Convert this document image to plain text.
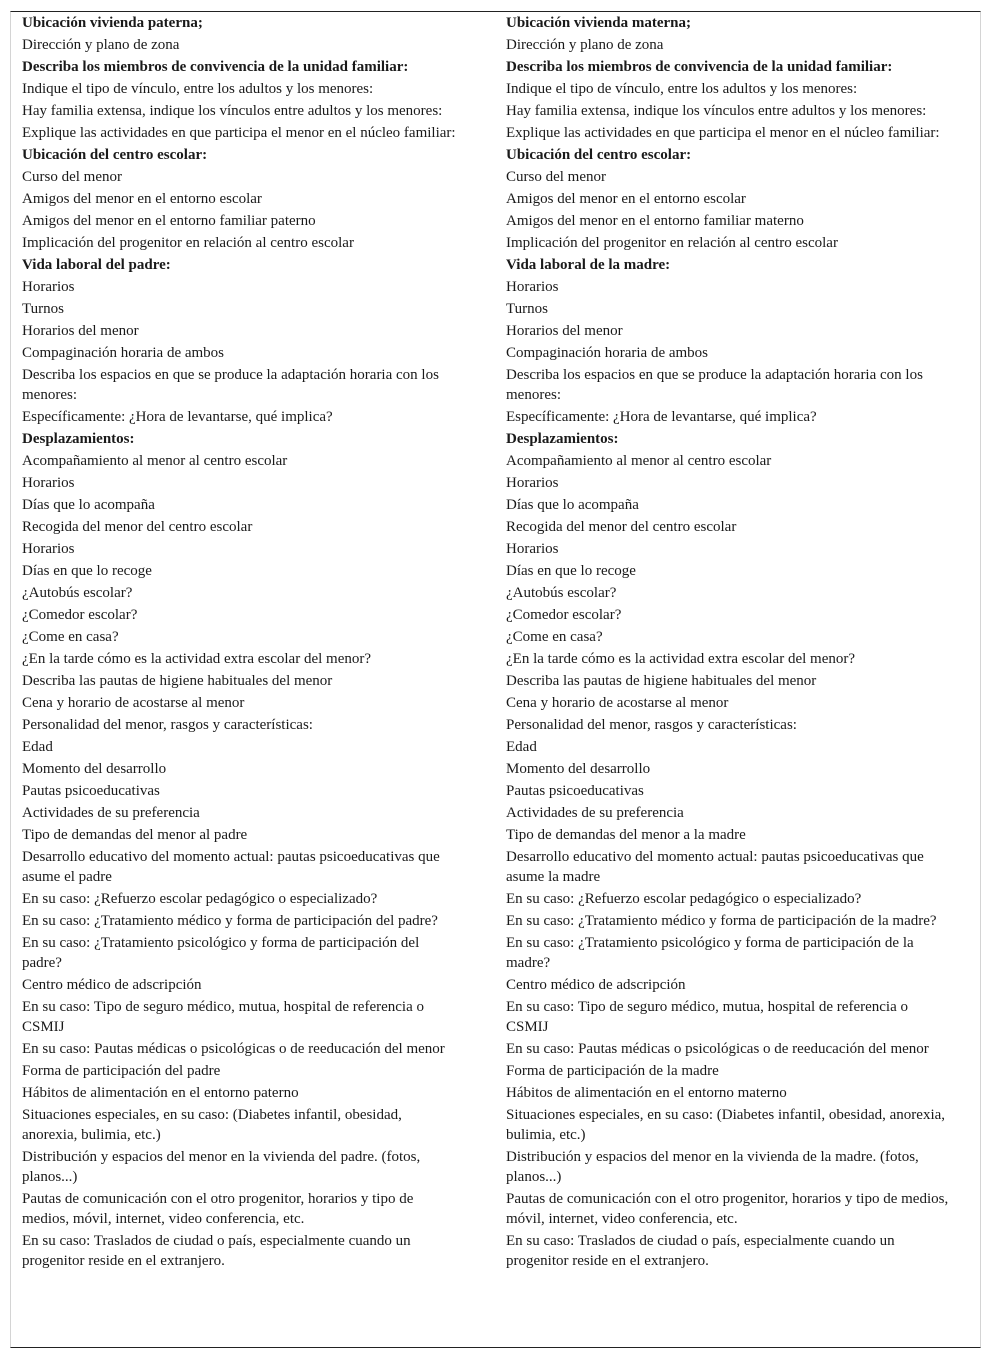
Ubicación vivienda paterna;	Ubicación vivienda materna;
Dirección y plano de zona	Dirección y plano de zona
Describa los miembros de convivencia de la unidad familiar:	Describa los miembros de convivencia de la unidad familiar:
Indique el tipo de vínculo, entre los adultos y los menores:	Indique el tipo de vínculo, entre los adultos y los menores:
Hay familia extensa, indique los vínculos entre adultos y los menores:	Hay familia extensa, indique los vínculos entre adultos y los menores:
Explique las actividades en que participa el menor en el núcleo familiar:	Explique las actividades en que participa el menor en el núcleo familiar:
Ubicación del centro escolar:	Ubicación del centro escolar:
Curso del menor	Curso del menor
Amigos del menor en el entorno escolar	Amigos del menor en el entorno escolar
Amigos del menor en el entorno familiar paterno	Amigos del menor en el entorno familiar materno
Implicación del progenitor en relación al centro escolar	Implicación del progenitor en relación al centro escolar
Vida laboral del padre:	Vida laboral de la madre:
Horarios	Horarios
Turnos	Turnos
Horarios del menor	Horarios del menor
Compaginación horaria de ambos	Compaginación horaria de ambos
Describa los espacios en que se produce la adaptación horaria con los menores:	Describa los espacios en que se produce la adaptación horaria con los menores:
Específicamente: ¿Hora de levantarse, qué implica?	Específicamente: ¿Hora de levantarse, qué implica?
Desplazamientos:	Desplazamientos:
Acompañamiento al menor al centro escolar	Acompañamiento al menor al centro escolar
Horarios	Horarios
Días que lo acompaña	Días que lo acompaña
Recogida del menor del centro escolar	Recogida del menor del centro escolar
Horarios	Horarios
Días en que lo recoge	Días en que lo recoge
¿Autobús escolar?	¿Autobús escolar?
¿Comedor escolar?	¿Comedor escolar?
¿Come en casa?	¿Come en casa?
¿En la tarde cómo es la actividad extra escolar del menor?	¿En la tarde cómo es la actividad extra escolar del menor?
Describa las pautas de higiene habituales del menor	Describa las pautas de higiene habituales del menor
Cena y horario de acostarse al menor	Cena y horario de acostarse al menor
Personalidad del menor, rasgos y características:	Personalidad del menor, rasgos y características:
Edad	Edad
Momento del desarrollo	Momento del desarrollo
Pautas psicoeducativas	Pautas psicoeducativas
Actividades de su preferencia	Actividades de su preferencia
Tipo de demandas del menor al padre	Tipo de demandas del menor a la madre
Desarrollo educativo del momento actual: pautas psicoeducativas que asume el padre	Desarrollo educativo del momento actual: pautas psicoeducativas que asume la madre
En su caso: ¿Refuerzo escolar pedagógico o especializado?	En su caso: ¿Refuerzo escolar pedagógico o especializado?
En su caso: ¿Tratamiento médico y forma de participación del padre?	En su caso: ¿Tratamiento médico y forma de participación de la madre?
En su caso: ¿Tratamiento psicológico y forma de participación del padre?	En su caso: ¿Tratamiento psicológico y forma de participación de la madre?
Centro médico de adscripción	Centro médico de adscripción
En su caso: Tipo de seguro médico, mutua, hospital de referencia o CSMIJ	En su caso: Tipo de seguro médico, mutua, hospital de referencia o CSMIJ
En su caso: Pautas médicas o psicológicas o de reeducación del menor	En su caso: Pautas médicas o psicológicas o de reeducación del menor
Forma de participación del padre	Forma de participación de la madre
Hábitos de alimentación en el entorno paterno	Hábitos de alimentación en el entorno materno
Situaciones especiales, en su caso: (Diabetes infantil, obesidad, anorexia, bulimia, etc.)	Situaciones especiales, en su caso: (Diabetes infantil, obesidad, anorexia, bulimia, etc.)
Distribución y espacios del menor en la vivienda del padre. (fotos, planos...)	Distribución y espacios del menor en la vivienda de la madre. (fotos, planos...)
Pautas de comunicación con el otro progenitor, horarios y tipo de medios, móvil, internet, video conferencia, etc.	Pautas de comunicación con el otro progenitor, horarios y tipo de medios, móvil, internet, video conferencia, etc.
En su caso: Traslados de ciudad o país, especialmente cuando un progenitor reside en el extranjero.	En su caso: Traslados de ciudad o país, especialmente cuando un progenitor reside en el extranjero.
